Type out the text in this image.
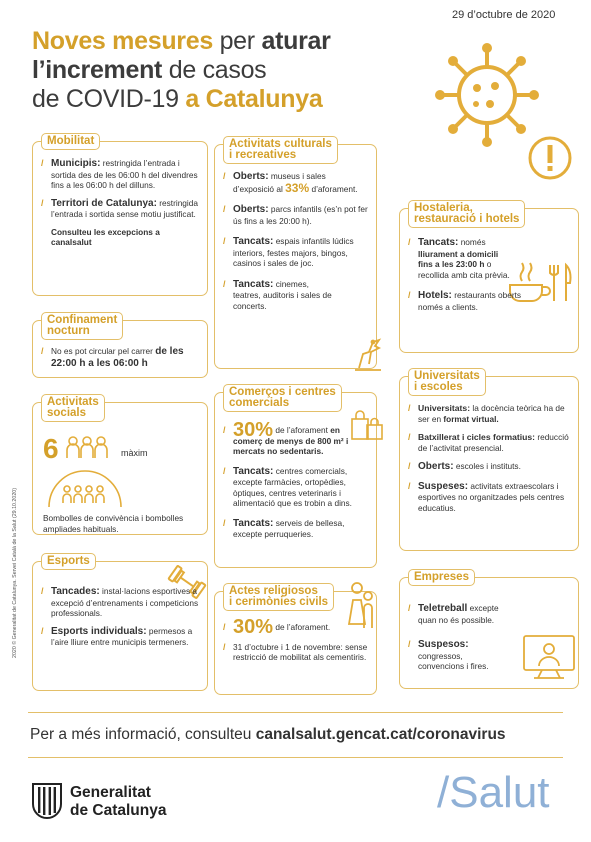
29 d’octubre de 2020
Noves mesures per aturar
l’increment de casos
de COVID-19 a Catalunya
Mobilitat
/ Municipis: restringida l’entrada i sortida des de les 06:00 h del divendres fins a les 06:00 h del dilluns.
/ Territori de Catalunya: restringida l’entrada i sortida sense motiu justificat.
Consulteu les excepcions a canalsalut
Confinament
nocturn
/ No es pot circular pel carrer de les 22:00 h a les 06:00 h
Activitats
socials
6	màxim
Bombolles de convivència i bombolles ampliades habituals.
Esports
/ Tancades: instal·lacions esportives a excepció d’entrenaments i competicions professionals.
/ Esports individuals: permesos a l’aire lliure entre municipis termeners.
Activitats culturals
i recreatives
/ Oberts: museus i sales d’exposició al 33% d’aforament.
/ Oberts: parcs infantils (es’n pot fer ús fins a les 20:00 h).
/ Tancats: espais infantils lúdics interiors, festes majors, bingos, casinos i sales de joc.
/ Tancats: cinemes, teatres, auditoris i sales de concerts.
Comerços i centres
comercials
/ 30% de l’aforament en comerç de menys de 800 m² i mercats no sedentaris.
/ Tancats: centres comercials, excepte farmàcies, ortopèdies, òptiques, centres veterinaris i alimentació que es trobin a dins.
/ Tancats: serveis de bellesa, excepte perruqueries.
Actes religiosos
i cerimònies civils
/ 30% de l’aforament.
/ 31 d’octubre i 1 de novembre: sense restricció de mobilitat als cementiris.
Hostaleria,
restauració i hotels
/ Tancats: només lliurament a domicili fins a les 23:00 h o recollida amb cita prèvia.
/ Hotels: restaurants oberts només a clients.
Universitats
i escoles
/ Universitats: la docència teòrica ha de ser en format virtual.
/ Batxillerat i cicles formatius: reducció de l’activitat presencial.
/ Oberts: escoles i instituts.
/ Suspeses: activitats extraescolars i esportives no organitzades pels centres educatius.
Empreses
/ Teletreball excepte quan no és possible.
/ Suspesos: congressos, convencions i fires.
2020 © Generalitat de Catalunya. Servei Català de la Salut (29.10.2020)
Per a més informació, consulteu canalsalut.gencat.cat/coronavirus
Generalitat
de Catalunya	/Salut
